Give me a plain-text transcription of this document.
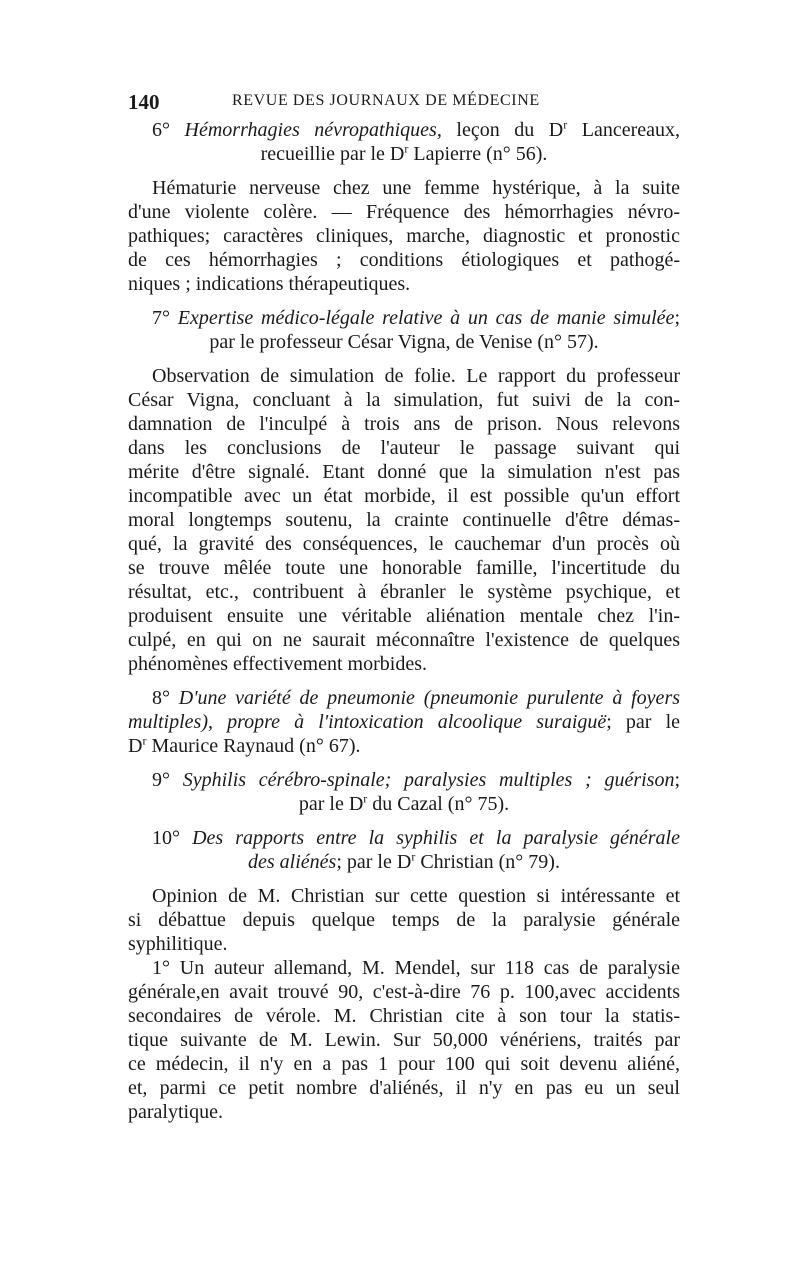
140	REVUE DES JOURNAUX DE MÉDECINE
6° Hémorrhagies névropathiques, leçon du $D^r$ Lancereaux,
recueillie par le $D^r$ Lapierre (n° 56).
Hématurie nerveuse chez une femme hystérique, à la suite
d'une violente colère. — Fréquence des hémorrhagies névro-
pathiques; caractères cliniques, marche, diagnostic et pronostic
de ces hémorrhagies ; conditions étiologiques et pathogé-
niques ; indications thérapeutiques.
7° Expertise médico-légale relative à un cas de manie simulée;
par le professeur César Vigna, de Venise (n° 57).
Observation de simulation de folie. Le rapport du professeur
César Vigna, concluant à la simulation, fut suivi de la con-
damnation de l'inculpé à trois ans de prison. Nous relevons
dans les conclusions de l'auteur le passage suivant qui
mérite d'être signalé. Etant donné que la simulation n'est pas
incompatible avec un état morbide, il est possible qu'un effort
moral longtemps soutenu, la crainte continuelle d'être démas-
qué, la gravité des conséquences, le cauchemar d'un procès où
se trouve mêlée toute une honorable famille, l'incertitude du
résultat, etc., contribuent à ébranler le système psychique, et
produisent ensuite une véritable aliénation mentale chez l'in-
culpé, en qui on ne saurait méconnaître l'existence de quelques
phénomènes effectivement morbides.
8° D'une variété de pneumonie (pneumonie purulente à foyers
multiples), propre à l'intoxication alcoolique suraiguë; par le
$D^r$ Maurice Raynaud (n° 67).
9° Syphilis cérébro-spinale; paralysies multiples ; guérison;
par le $D^r$ du Cazal (n° 75).
10° Des rapports entre la syphilis et la paralysie générale
des aliénés; par le $D^r$ Christian (n° 79).
Opinion de M. Christian sur cette question si intéressante et
si débattue depuis quelque temps de la paralysie générale
syphilitique.
1° Un auteur allemand, M. Mendel, sur 118 cas de paralysie
générale,en avait trouvé 90, c'est-à-dire 76 p. 100,avec accidents
secondaires de vérole. M. Christian cite à son tour la statis-
tique suivante de M. Lewin. Sur 50,000 vénériens, traités par
ce médecin, il n'y en a pas 1 pour 100 qui soit devenu aliéné,
et, parmi ce petit nombre d'aliénés, il n'y en pas eu un seul
paralytique.
